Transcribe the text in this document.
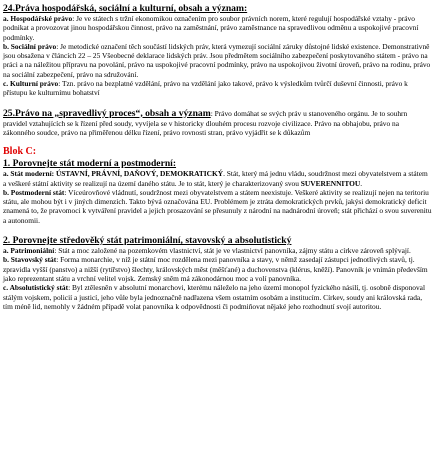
24.Práva hospodářská, sociální a kulturní, obsah a význam:

a. Hospodářské právo: Je ve státech s tržní ekonomikou označením pro soubor právních norem, které regulují hospodářské vztahy - právo podnikat a provozovat jinou hospodářskou činnost, právo na zaměstnání, právo zaměstnance na spravedlivou odměnu a uspokojivé pracovní podmínky.

b. Sociální právo: Je metodické označení těch součástí lidských práv, která vymezují sociální záruky důstojné lidské existence. Demonstrativně jsou obsažena v článcích 22 – 25 Všeobecné deklarace lidských práv. Jsou předmětem sociálního zabezpečení poskytovaného státem - právo na práci a na náležitou přípravu na povolání, právo na uspokojivé pracovní podmínky, právo na uspokojivou životní úroveň, právo na rodinu, právo na sociální zabezpečení, právo na sdružování.

c. Kulturní právo: Tzn. právo na bezplatné vzdělání, právo na vzdělání jako takové, právo k výsledkům tvůrčí duševní činnosti, právo k přístupu ke kulturnímu bohatství

25.Právo na „spravedlivý proces“, obsah a význam: Právo domáhat se svých práv u stanoveného orgánu. Je to souhrn pravidel vztahujících se k řízení před soudy, vyvíjela se v historicky dlouhém procesu rozvoje civilizace. Právo na obhajobu, právo na zákonného soudce, právo na přiměřenou délku řízení, právo rovnosti stran, právo vyjádřit se k důkazům

Blok C:
1. Porovnejte stát moderní a postmoderní:

a. Stát moderní: ÚSTAVNÍ, PRÁVNÍ, DAŇOVÝ, DEMOKRATICKÝ. Stát, který má jednu vládu, soudržnost mezi obyvatelstvem a státem a veškeré státní aktivity se realizují na území daného státu. Je to stát, který je charakterizovaný svou SUVERENNITOU.

b. Postmoderní stát: Víceúrovňové vládnutí, soudržnost mezi obyvatelstvem a státem neexistuje. Veškeré aktivity se realizují nejen na teritoriu státu, ale mohou být i v jiných dimenzích. Takto bývá označována EU. Problémem je ztráta demokratických prvků, jakýsi demokratický deficit znamená to, že pravomoci k vytváření pravidel a jejich prosazování se přesunuly z národní na nadnárodní úroveň; stát přichází o svou suverenitu a autonomii.

2. Porovnejte středověký stát patrimoniální, stavovský a absolutistický

a. Patrimoniální: Stát a moc založené na pozemkovém vlastnictví, stát je ve vlastnictví panovníka, zájmy státu a církve zároveň splývají.

b. Stavovský stát: Forma monarchie, v níž je státní moc rozdělena mezi panovníka a stavy, v němž zasedají zástupci jednotlivých stavů, tj. zpravidla vyšší (panstvo) a nižší (rytířstvo) šlechty, královských měst (měšťané) a duchovenstva (klérus, kněží). Panovník je vnímán především jako reprezentant státu a vrchní velitel vojsk. Zemský sněm má zákonodárnou moc a volí panovníka.

c. Absolutistický stát: Byl ztělesněn v absolutní monarchovi, kterému náleželo na jeho území monopol fyzického násilí, tj. osobně disponoval stálým vojskem, policií a justicí, jeho vůle byla jednoznačně nadřazena všem ostatním osobám a institucím. Církev, soudy ani královská rada, tím méně lid, nemohly v žádném případě volat panovníka k odpovědnosti či podmiňovat nějaké jeho rozhodnutí svojí autoritou.
